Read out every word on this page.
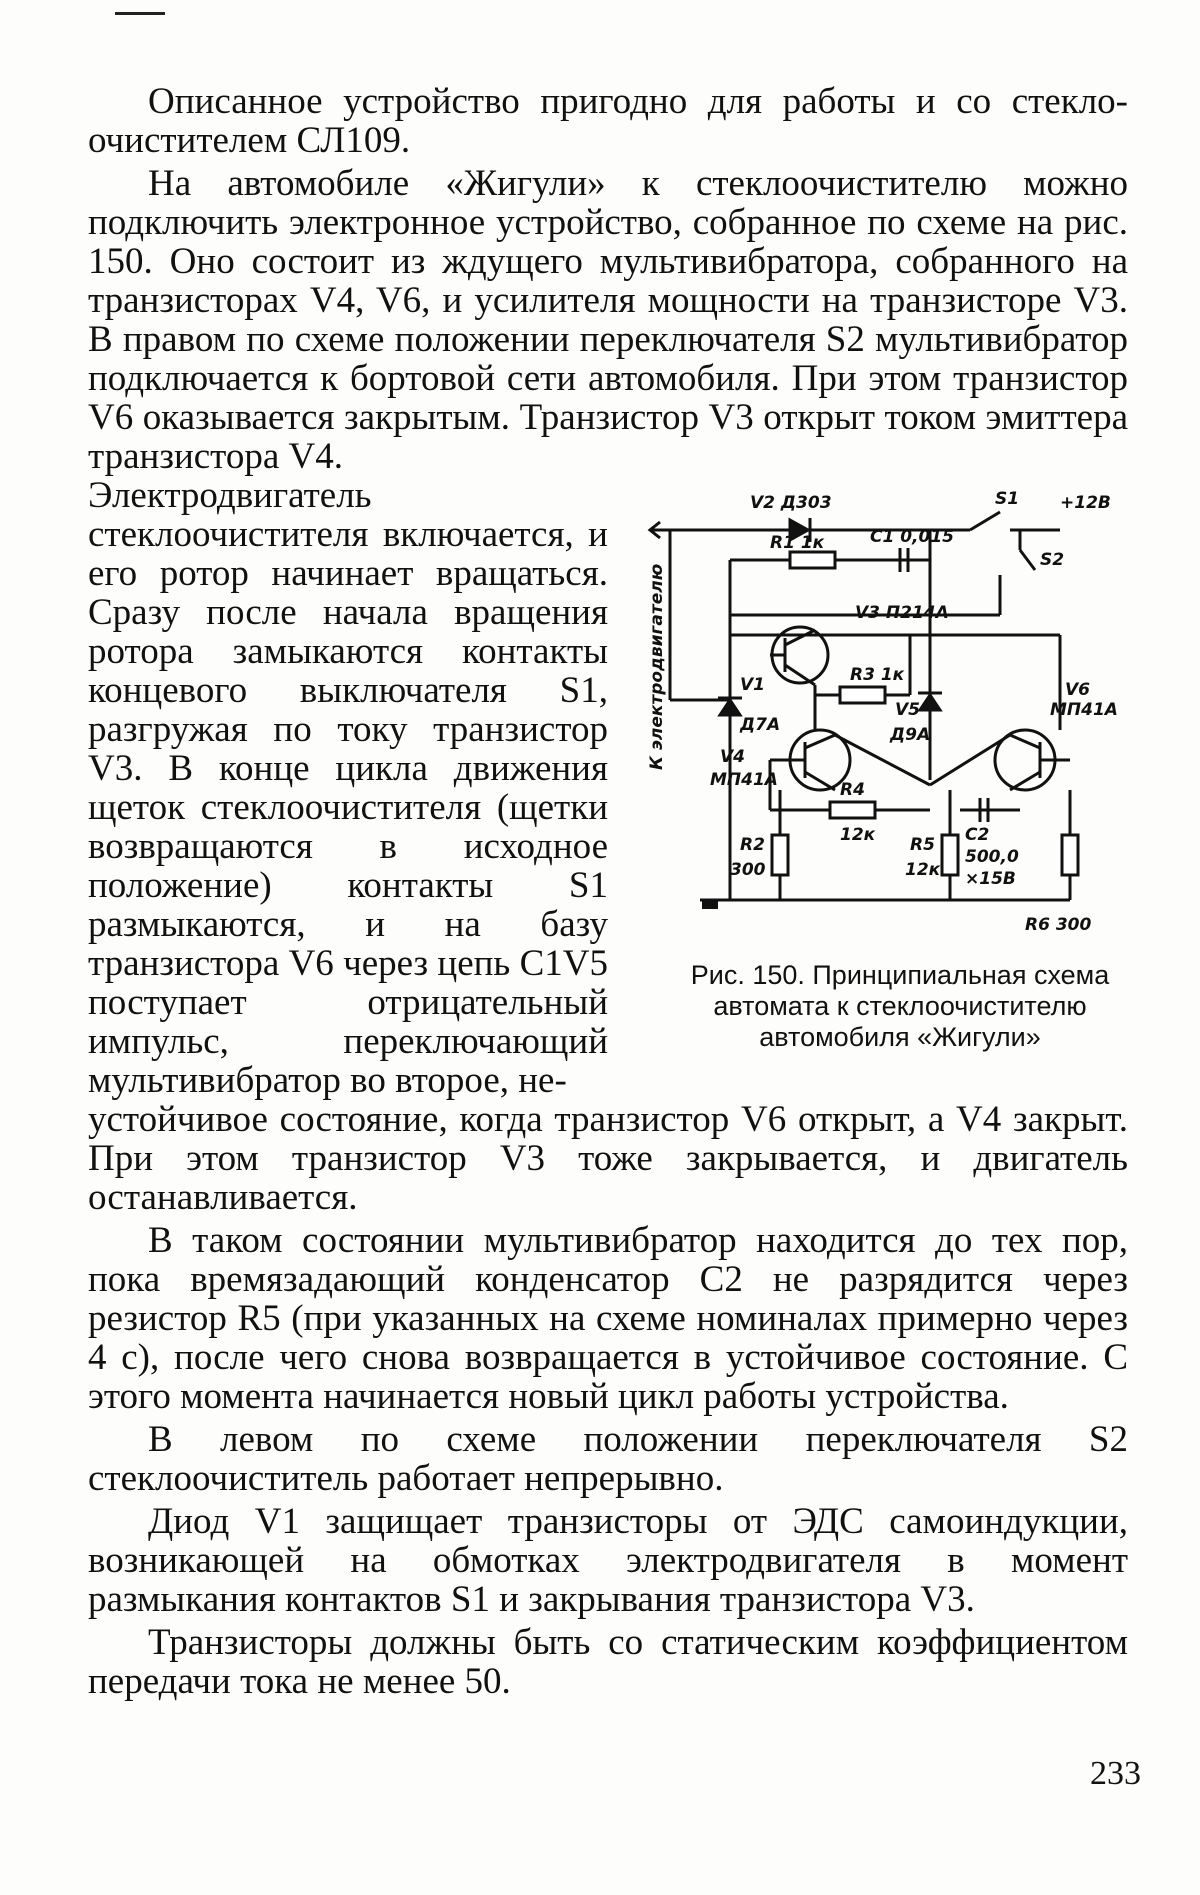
Описанное устройство пригодно для работы и со стекло-очистителем СЛ109.

На автомобиле «Жигули» к стеклоочистителю можно подключить электронное устройство, собранное по схеме на рис. 150. Оно состоит из ждущего мультивибратора, собранного на транзисторах V4, V6, и усилителя мощности на транзисторе V3. В правом по схеме положении переключателя S2 мультивибратор подключается к бортовой сети автомобиля. При этом транзистор V6 оказывается закрытым. Транзистор V3 открыт током эмиттера транзистора V4.

Электродвигатель стеклоочистителя включается, и его ротор начинает вращаться. Сразу после начала вращения ротора замыкаются контакты концевого выключателя S1, разгружая по току транзистор V3. В конце цикла движения щеток стеклоочистителя (щетки возвращаются в исходное положение) контакты S1 размыкаются, и на базу транзистора V6 через цепь C1V5 поступает отрицательный импульс, переключающий мультивибратор во второе, не-

V2 Д303	S1 +12В
R1 1к	C1 0,015
S2
V3 П214А
R3 1к
V1
Д7А
V5
Д9А
V6
МП41А
V4
МП41А	R4
12к
R2
300
R5
12к
C2
500,0
×15В
R6 300
К электродвигателю
Рис. 150. Принципиальная схема автомата к стеклоочистителю автомобиля «Жигули»

устойчивое состояние, когда транзистор V6 открыт, а V4 закрыт. При этом транзистор V3 тоже закрывается, и двигатель останавливается.

В таком состоянии мультивибратор находится до тех пор, пока времязадающий конденсатор C2 не разрядится через резистор R5 (при указанных на схеме номиналах примерно через 4 с), после чего снова возвращается в устойчивое состояние. С этого момента начинается новый цикл работы устройства.

В левом по схеме положении переключателя S2 стеклоочиститель работает непрерывно.

Диод V1 защищает транзисторы от ЭДС самоиндукции, возникающей на обмотках электродвигателя в момент размыкания контактов S1 и закрывания транзистора V3.

Транзисторы должны быть со статическим коэффициентом передачи тока не менее 50.

233
